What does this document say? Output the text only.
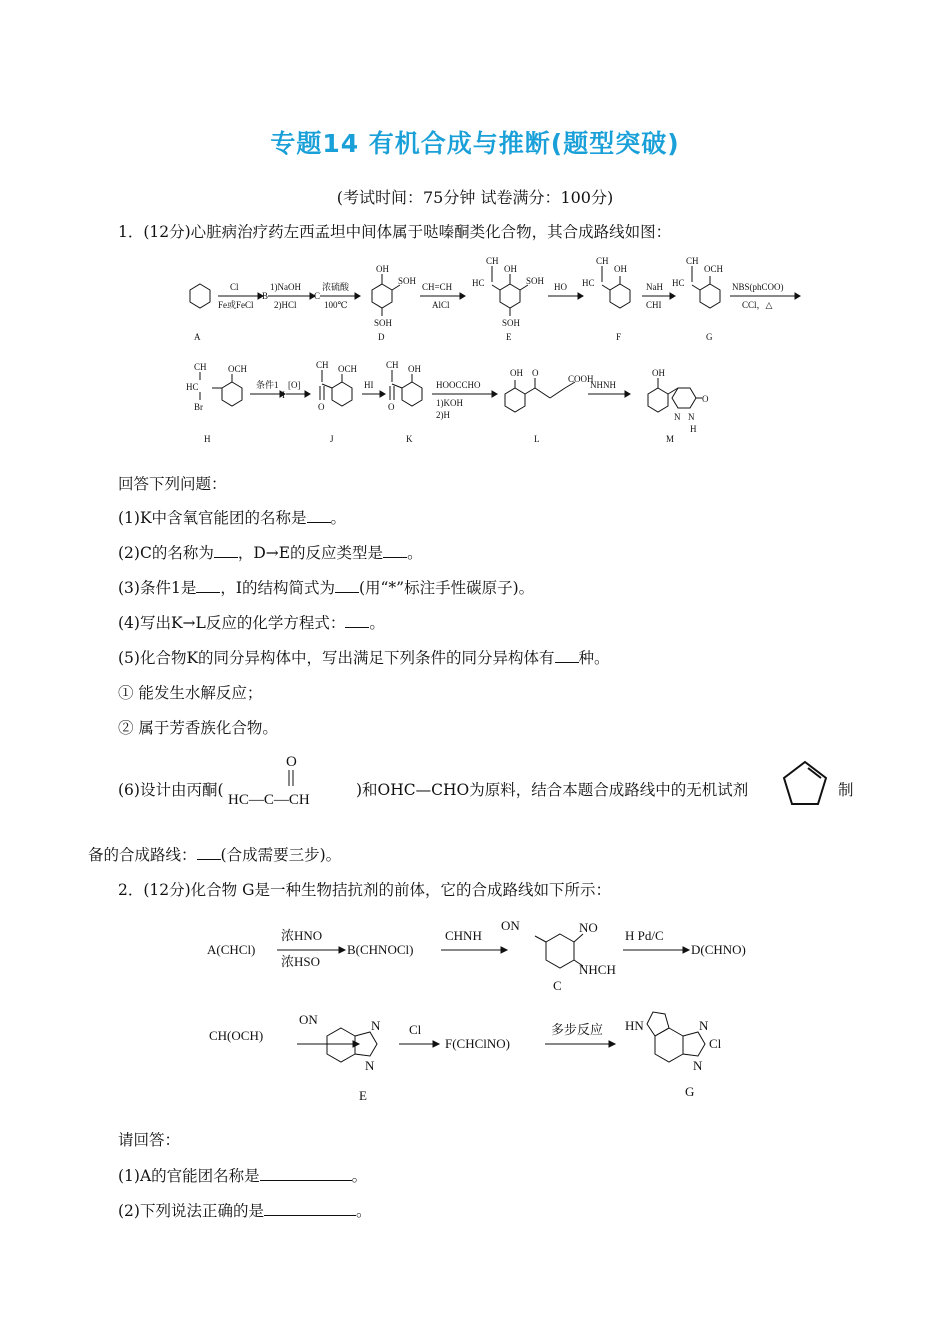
专题14 有机合成与推断(题型突破)
(考试时间：75分钟 试卷满分：100分)
1．(12分)心脏病治疗药左西孟坦中间体属于哒嗪酮类化合物，其合成路线如图：
A	D	E	F	G
H	J	K	L	M
Cl
Fe或FeCl
B
1)NaOH
2)HCl
C
浓硫酸
100℃
CH=CH
AlCl
HO	NaH
CHI
NBS(phCOO)
CCl，△
条件1
I
[O]	HI	HOOCCHO
1)KOH
2)H
NHNH
OH
SOH
SOH
OH
SOH
SOH
CH
HC
OH
CH
HC
OCH
CH
HC
CH
HC
Br
OCH	CH
O
OCH	CH
O
OH	OH O
COOH
OH
N N
H
O
回答下列问题：
(1)K中含氧官能团的名称是 。
(2)C的名称为 ，D→E的反应类型是 。
(3)条件1是 ，I的结构简式为 (用“*”标注手性碳原子)。
(4)写出K→L反应的化学方程式： 。
(5)化合物K的同分异构体中，写出满足下列条件的同分异构体有 种。
① 能发生水解反应；
② 属于芳香族化合物。
(6)设计由丙酮(
O
HC—C—CH
)和OHC—CHO为原料，结合本题合成路线中的无机试剂	制
备的合成路线： (合成需要三步)。
2．(12分)化合物 G是一种生物拮抗剂的前体，它的合成路线如下所示：
A(CHCl)
浓HNO
浓HSO
B(CHNOCl)
CHNH
ON	NO
NHCH
C
H Pd/C
D(CHNO)
CH(OCH)
ON	N
N
E
Cl
F(CHClNO)
多步反应 HN	N
Cl
N
G
请回答：
(1)A的官能团名称是	。
(2)下列说法正确的是	。
